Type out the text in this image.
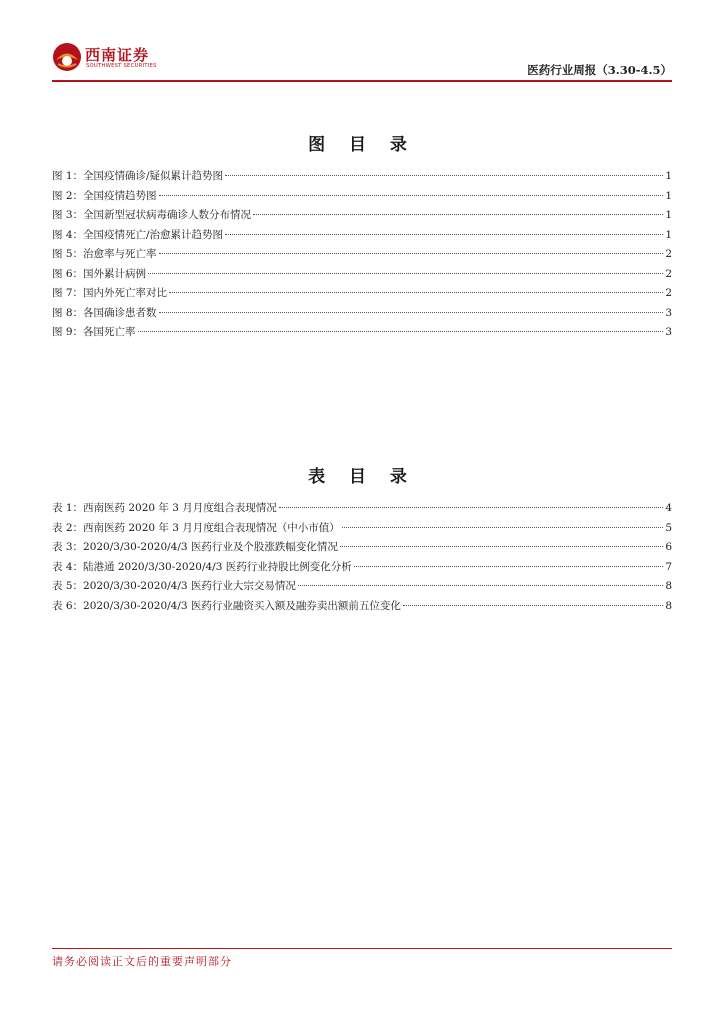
西南证券
SOUTHWEST SECURITIES	医药行业周报（3.30-4.5）
图 目 录
图 1：全国疫情确诊/疑似累计趋势图	1
图 2：全国疫情趋势图	1
图 3：全国新型冠状病毒确诊人数分布情况	1
图 4：全国疫情死亡/治愈累计趋势图	1
图 5：治愈率与死亡率	2
图 6：国外累计病例	2
图 7：国内外死亡率对比	2
图 8：各国确诊患者数	3
图 9：各国死亡率	3
表 目 录
表 1：西南医药 2020 年 3 月月度组合表现情况	4
表 2：西南医药 2020 年 3 月月度组合表现情况（中小市值）	5
表 3：2020/3/30-2020/4/3 医药行业及个股涨跌幅变化情况	6
表 4：陆港通 2020/3/30-2020/4/3 医药行业持股比例变化分析	7
表 5：2020/3/30-2020/4/3 医药行业大宗交易情况	8
表 6：2020/3/30-2020/4/3 医药行业融资买入额及融券卖出额前五位变化	8
请务必阅读正文后的重要声明部分
